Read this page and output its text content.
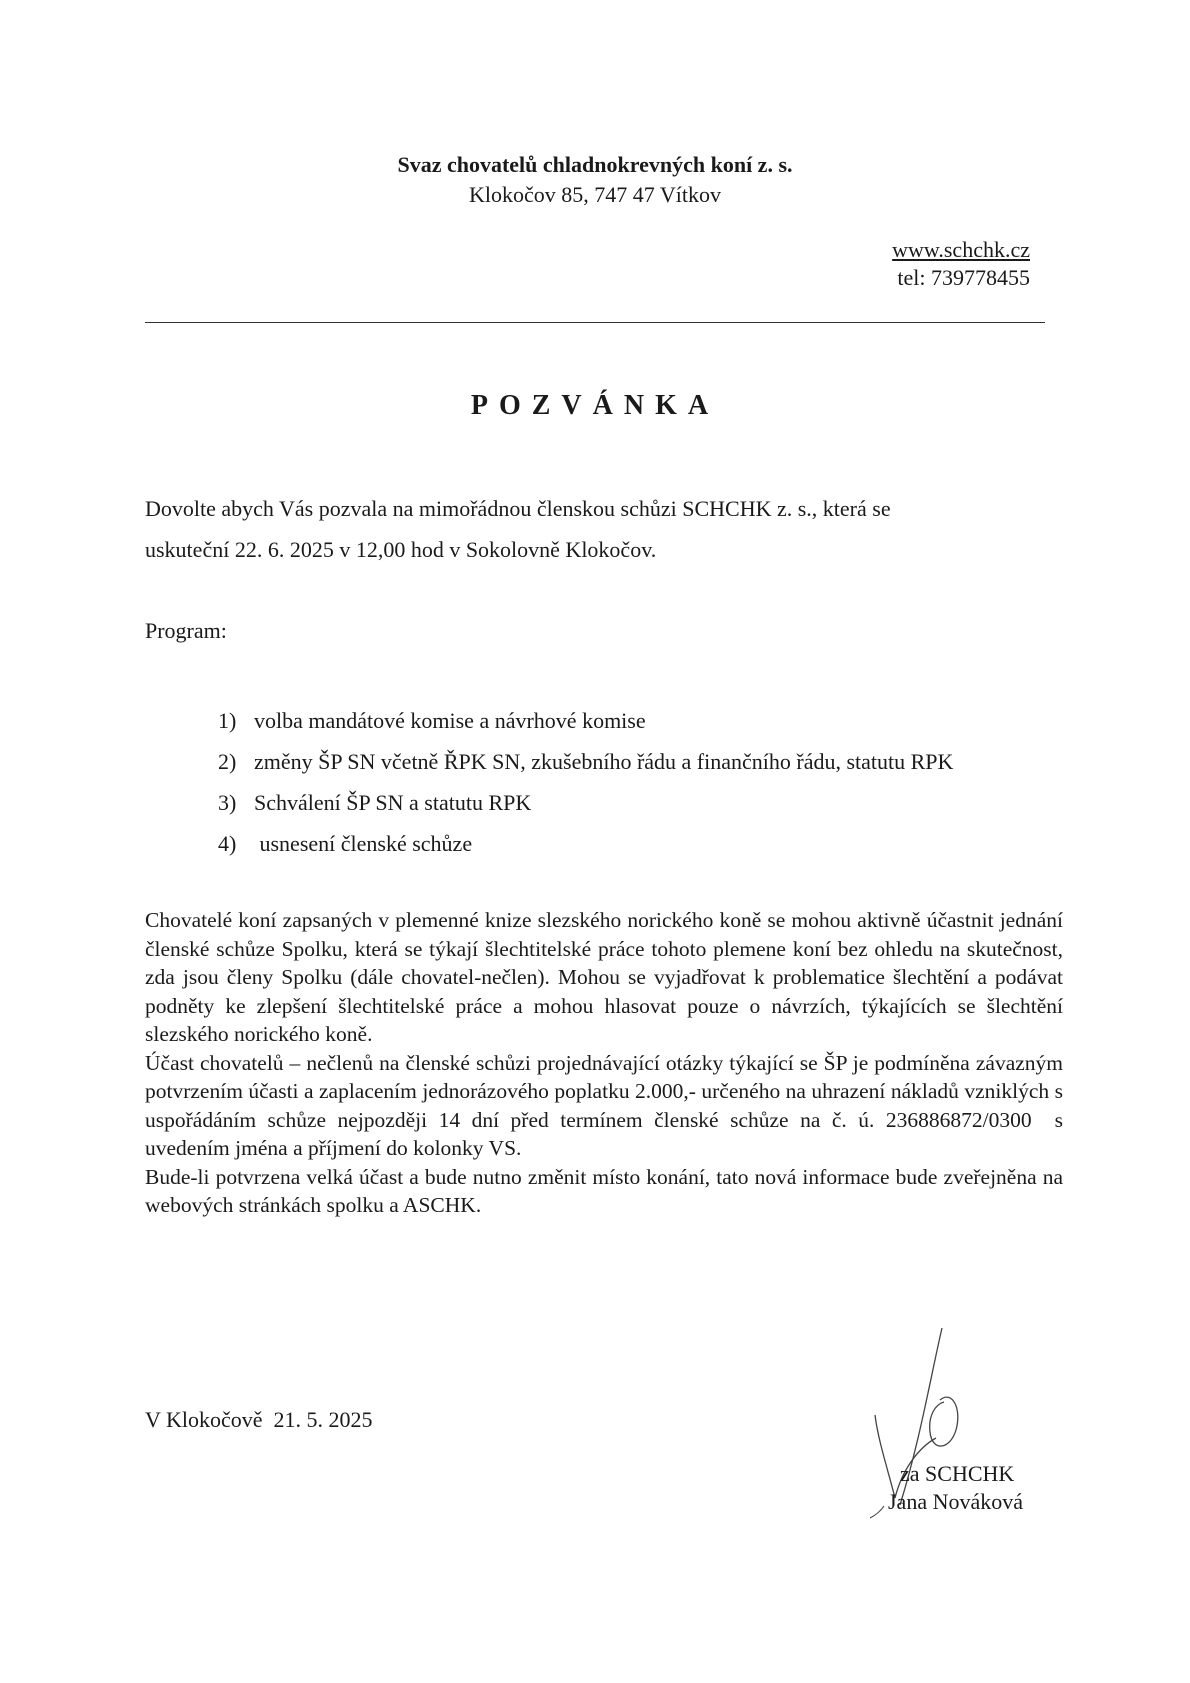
Svaz chovatelů chladnokrevných koní z. s.
Klokočov 85, 747 47 Vítkov
www.schchk.cz
tel: 739778455
POZVÁNKA
Dovolte abych Vás pozvala na mimořádnou členskou schůzi SCHCHK z. s., která se
uskuteční 22. 6. 2025 v 12,00 hod v Sokolovně Klokočov.
Program:
1) volba mandátové komise a návrhové komise
2) změny ŠP SN včetně ŘPK SN, zkušebního řádu a finančního řádu, statutu RPK
3) Schválení ŠP SN a statutu RPK
4) usnesení členské schůze

Chovatelé koní zapsaných v plemenné knize slezského norického koně se mohou aktivně účastnit jednání členské schůze Spolku, která se týkají šlechtitelské práce tohoto plemene koní bez ohledu na skutečnost, zda jsou členy Spolku (dále chovatel-nečlen). Mohou se vyjadřovat k problematice šlechtění a podávat podněty ke zlepšení šlechtitelské práce a mohou hlasovat pouze o návrzích, týkajících se šlechtění slezského norického koně.

Účast chovatelů – nečlenů na členské schůzi projednávající otázky týkající se ŠP je podmíněna závazným potvrzením účasti a zaplacením jednorázového poplatku 2.000,- určeného na uhrazení nákladů vzniklých s uspořádáním schůze nejpozději 14 dní před termínem členské schůze na č. ú. 236886872/0300  s uvedením jména a příjmení do kolonky VS.

Bude-li potvrzena velká účast a bude nutno změnit místo konání, tato nová informace bude zveřejněna na webových stránkách spolku a ASCHK.

V Klokočově  21. 5. 2025
za SCHCHK
Jana Nováková
